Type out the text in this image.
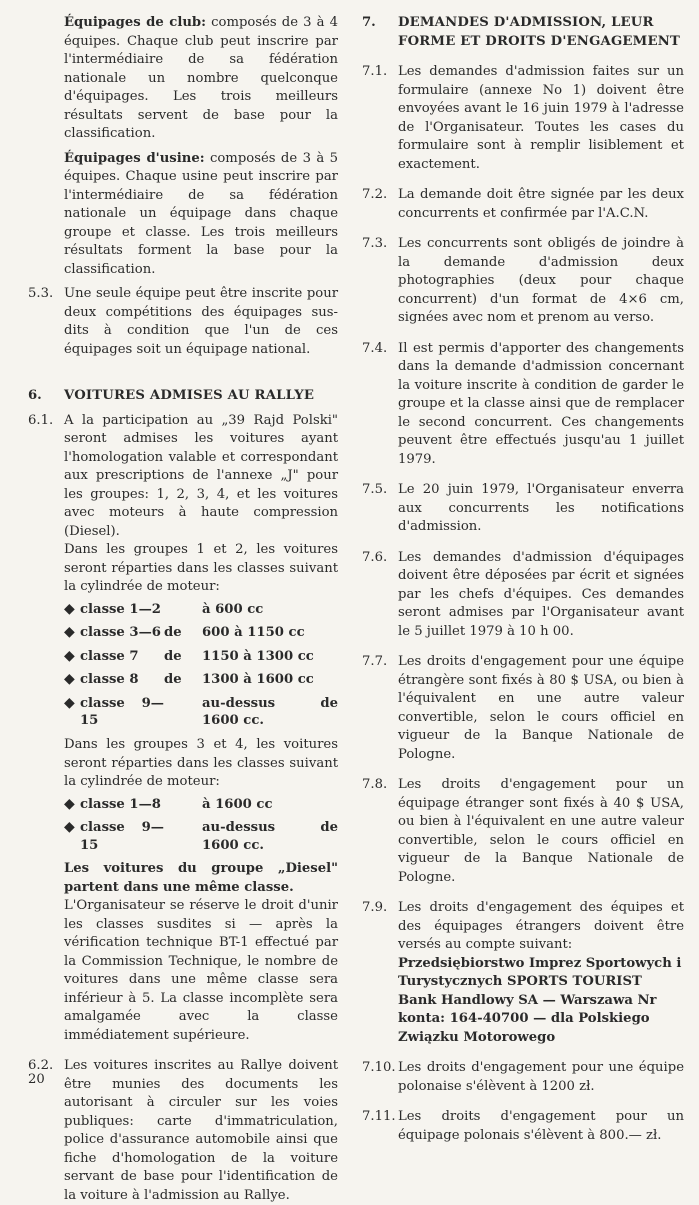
Équipages de club: composés de 3 à 4 équipes. Chaque club peut inscrire par l'intermédiaire de sa fédération nationale un nombre quelconque d'équipages. Les trois meilleurs résultats servent de base pour la classification.

Équipages d'usine: composés de 3 à 5 équipes. Chaque usine peut inscrire par l'intermédiaire de sa fédération nationale un équipage dans chaque groupe et classe. Les trois meilleurs résultats forment la base pour la classification.

5.3. Une seule équipe peut être inscrite pour deux compétitions des équipages sus-dits à condition que l'un de ces équipages soit un équipage national.

6. VOITURES ADMISES AU RALLYE
6.1. A la participation au „39 Rajd Polski" seront admises les voitures ayant l'homologation valable et correspondant aux prescriptions de l'annexe „J" pour les groupes: 1, 2, 3, 4, et les voitures avec moteurs à haute compression (Diesel).

Dans les groupes 1 et 2, les voitures seront réparties dans les classes suivant la cylindrée de moteur:

◆ classe 1—2	à 600 cc
◆ classe 3—6 de	600 à 1150 cc
◆ classe 7	de	1150 à 1300 cc
◆ classe 8	de	1300 à 1600 cc
◆ classe 9—15
au-dessus de 1600 cc.

Dans les groupes 3 et 4, les voitures seront réparties dans les classes suivant la cylindrée de moteur:

◆ classe 1—8	à 1600 cc
◆ classe 9—15
au-dessus de 1600 cc.

Les voitures du groupe „Diesel" partent dans une même classe.

L'Organisateur se réserve le droit d'unir les classes susdites si — après la vérification technique BT-1 effectué par la Commission Technique, le nombre de voitures dans une même classe sera inférieur à 5. La classe incomplète sera amalgamée avec la classe immédiatement supérieure.

6.2. Les voitures inscrites au Rallye doivent être munies des documents les autorisant à circuler sur les voies publiques: carte d'immatriculation, police d'assurance automobile ainsi que fiche d'homologation de la voiture servant de base pour l'identification de la voiture à l'admission au Rallye.

7. DEMANDES D'ADMISSION, LEUR FORME ET DROITS D'ENGAGEMENT
7.1. Les demandes d'admission faites sur un formulaire (annexe No 1) doivent être envoyées avant le 16 juin 1979 à l'adresse de l'Organisateur. Toutes les cases du formulaire sont à remplir lisiblement et exactement.

7.2. La demande doit être signée par les deux concurrents et confirmée par l'A.C.N.

7.3. Les concurrents sont obligés de joindre à la demande d'admission deux photographies (deux pour chaque concurrent) d'un format de 4×6 cm, signées avec nom et prenom au verso.

7.4. Il est permis d'apporter des changements dans la demande d'admission concernant la voiture inscrite à condition de garder le groupe et la classe ainsi que de remplacer le second concurrent. Ces changements peuvent être effectués jusqu'au 1 juillet 1979.

7.5. Le 20 juin 1979, l'Organisateur enverra aux concurrents les notifications d'admission.

7.6. Les demandes d'admission d'équipages doivent être déposées par écrit et signées par les chefs d'équipes. Ces demandes seront admises par l'Organisateur avant le 5 juillet 1979 à 10 h 00.

7.7. Les droits d'engagement pour une équipe étrangère sont fixés à 80 $ USA, ou bien à l'équivalent en une autre valeur convertible, selon le cours officiel en vigueur de la Banque Nationale de Pologne.

7.8. Les droits d'engagement pour un équipage étranger sont fixés à 40 $ USA, ou bien à l'équivalent en une autre valeur convertible, selon le cours officiel en vigueur de la Banque Nationale de Pologne.

7.9. Les droits d'engagement des équipes et des équipages étrangers doivent être versés au compte suivant:

Przedsiębiorstwo Imprez Sportowych i Turystycznych SPORTS TOURIST Bank Handlowy SA — Warszawa Nr konta: 164-40700 — dla Polskiego Związku Motorowego

7.10. Les droits d'engagement pour une équipe polonaise s'élèvent à 1200 zł.

7.11. Les droits d'engagement pour un équipage polonais s'élèvent à 800.— zł.

20
